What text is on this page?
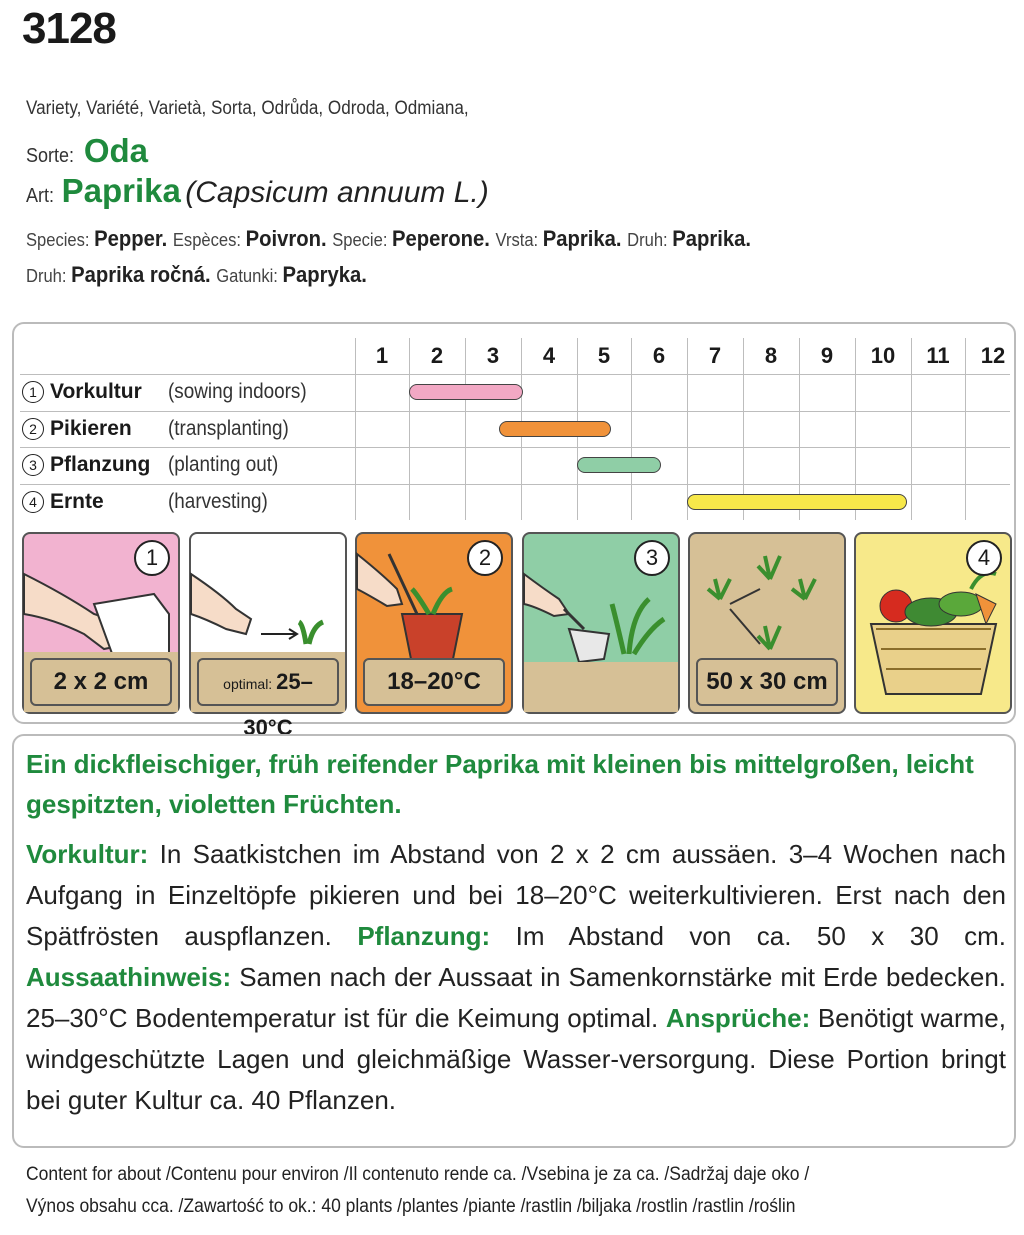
3128
Variety, Variété, Varietà, Sorta, Odrůda, Odroda, Odmiana,
Sorte: Oda
Art: Paprika (Capsicum annuum L.)
Species: Pepper. Espèces: Poivron. Specie: Peperone. Vrsta: Paprika. Druh: Paprika.
Druh: Paprika ročná. Gatunki: Papryka.
1	2	3	4	5	6	7	8	9	10	11	12
1 Vorkultur (sowing indoors)
2 Pikieren (transplanting)
3 Pflanzung (planting out)
4 Ernte	(harvesting)
1
2 x 2 cm	optimal: 25–30°C
2
18–20°C
3
50 x 30 cm
4
Ein dickfleischiger, früh reifender Paprika mit kleinen bis mittelgroßen, leicht gespitzten, violetten Früchten.
Vorkultur: In Saatkistchen im Abstand von 2 x 2 cm aussäen. 3–4 Wochen nach Aufgang in Einzeltöpfe pikieren und bei 18–20°C weiterkultivieren. Erst nach den Spätfrösten auspflanzen. Pflanzung: Im Abstand von ca. 50 x 30 cm. Aussaathinweis: Samen nach der Aussaat in Samenkornstärke mit Erde bedecken. 25–30°C Bodentemperatur ist für die Keimung optimal. Ansprüche: Benötigt warme, windgeschützte Lagen und gleichmäßige Wasser-versorgung. Diese Portion bringt bei guter Kultur ca. 40 Pflanzen.
Content for about /Contenu pour environ /Il contenuto rende ca. /Vsebina je za ca. /Sadržaj daje oko /
Výnos obsahu cca. /Zawartość to ok.: 40 plants /plantes /piante /rastlin /biljaka /rostlin /rastlin /roślin
